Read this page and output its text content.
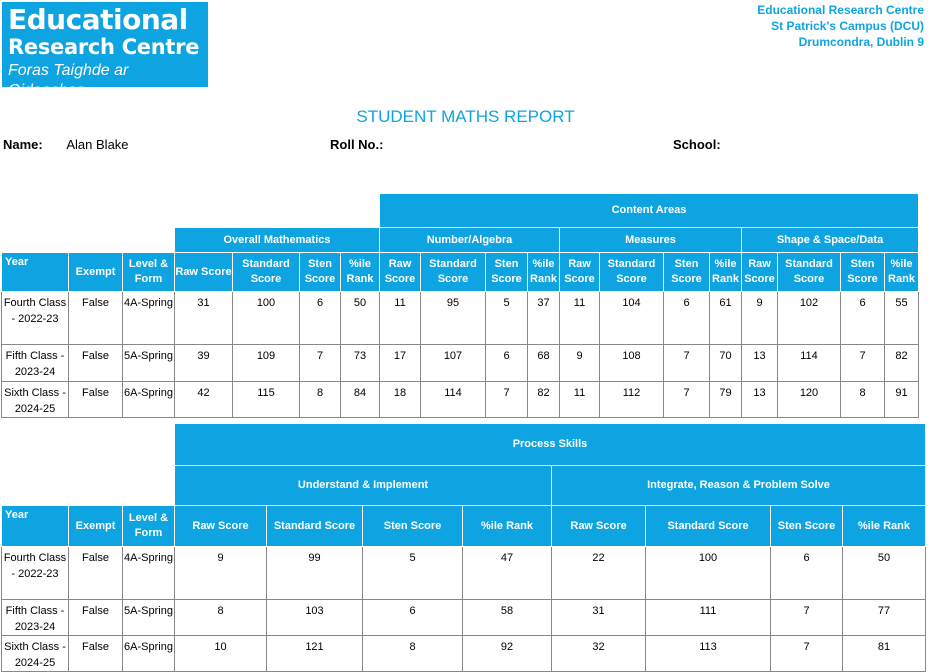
Educational
Research Centre
Foras Taighde ar Oideachas
Educational Research Centre
St Patrick's Campus (DCU)
Drumcondra, Dublin 9
STUDENT MATHS REPORT
Name: Alan Blake	Roll No.:	School:
							Content Areas											
			Overall Mathematics				Number/Algebra				Measures				Shape & Space/Data			
Year	Exempt	Level & Form	Raw Score	Standard Score	Sten Score	%ile Rank	Raw Score	Standard Score	Sten Score	%ile Rank	Raw Score	Standard Score	Sten Score	%ile Rank	Raw Score	Standard Score	Sten Score	%ile Rank
Fourth Class - 2022-23	False	4A-Spring	31	100	6	50	11	95	5	37	11	104	6	61	9	102	6	55
Fifth Class - 2023-24	False	5A-Spring	39	109	7	73	17	107	6	68	9	108	7	70	13	114	7	82
Sixth Class - 2024-25	False	6A-Spring	42	115	8	84	18	114	7	82	11	112	7	79	13	120	8	91
			Process Skills							
			Understand & Implement				Integrate, Reason & Problem Solve			
Year	Exempt	Level & Form	Raw Score	Standard Score	Sten Score	%ile Rank	Raw Score	Standard Score	Sten Score	%ile Rank
Fourth Class - 2022-23	False	4A-Spring	9	99	5	47	22	100	6	50
Fifth Class - 2023-24	False	5A-Spring	8	103	6	58	31	111	7	77
Sixth Class - 2024-25	False	6A-Spring	10	121	8	92	32	113	7	81
